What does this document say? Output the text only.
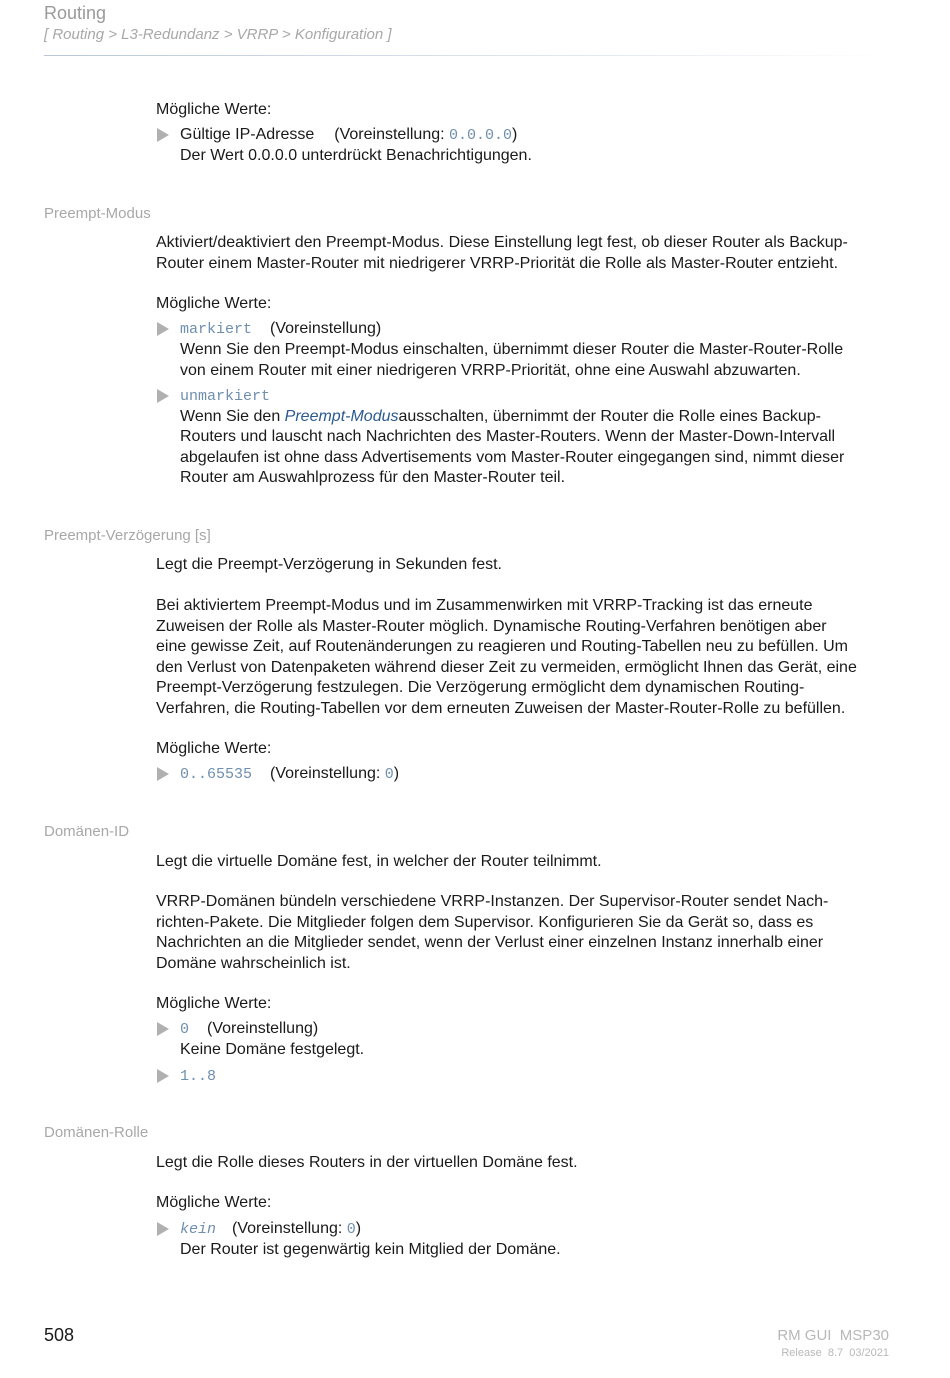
Routing
[ Routing > L3-Redundanz > VRRP > Konfiguration ]
Mögliche Werte:
Gültige IP-Adresse (Voreinstellung: 0.0.0.0)
Der Wert 0.0.0.0 unterdrückt Benachrichtigungen.
Preempt-Modus
Aktiviert/deaktiviert den Preempt-Modus. Diese Einstellung legt fest, ob dieser Router als Backup-
Router einem Master-Router mit niedrigerer VRRP-Priorität die Rolle als Master-Router entzieht.
Mögliche Werte:
markiert (Voreinstellung)
Wenn Sie den Preempt-Modus einschalten, übernimmt dieser Router die Master-Router-Rolle
von einem Router mit einer niedrigeren VRRP-Priorität, ohne eine Auswahl abzuwarten.
unmarkiert
Wenn Sie den Preempt-Modusausschalten, übernimmt der Router die Rolle eines Backup-
Routers und lauscht nach Nachrichten des Master-Routers. Wenn der Master-Down-Intervall
abgelaufen ist ohne dass Advertisements vom Master-Router eingegangen sind, nimmt dieser
Router am Auswahlprozess für den Master-Router teil.
Preempt-Verzögerung [s]
Legt die Preempt-Verzögerung in Sekunden fest.
Bei aktiviertem Preempt-Modus und im Zusammenwirken mit VRRP-Tracking ist das erneute
Zuweisen der Rolle als Master-Router möglich. Dynamische Routing-Verfahren benötigen aber
eine gewisse Zeit, auf Routenänderungen zu reagieren und Routing-Tabellen neu zu befüllen. Um
den Verlust von Datenpaketen während dieser Zeit zu vermeiden, ermöglicht Ihnen das Gerät, eine
Preempt-Verzögerung festzulegen. Die Verzögerung ermöglicht dem dynamischen Routing-
Verfahren, die Routing-Tabellen vor dem erneuten Zuweisen der Master-Router-Rolle zu befüllen.
Mögliche Werte:
0..65535 (Voreinstellung: 0)
Domänen-ID
Legt die virtuelle Domäne fest, in welcher der Router teilnimmt.
VRRP-Domänen bündeln verschiedene VRRP-Instanzen. Der Supervisor-Router sendet Nach-
richten-Pakete. Die Mitglieder folgen dem Supervisor. Konfigurieren Sie da Gerät so, dass es
Nachrichten an die Mitglieder sendet, wenn der Verlust einer einzelnen Instanz innerhalb einer
Domäne wahrscheinlich ist.
Mögliche Werte:
0 (Voreinstellung)
Keine Domäne festgelegt.
1..8
Domänen-Rolle
Legt die Rolle dieses Routers in der virtuellen Domäne fest.
Mögliche Werte:
kein (Voreinstellung: 0)
Der Router ist gegenwärtig kein Mitglied der Domäne.
508	RM GUI  MSP30
Release  8.7  03/2021
